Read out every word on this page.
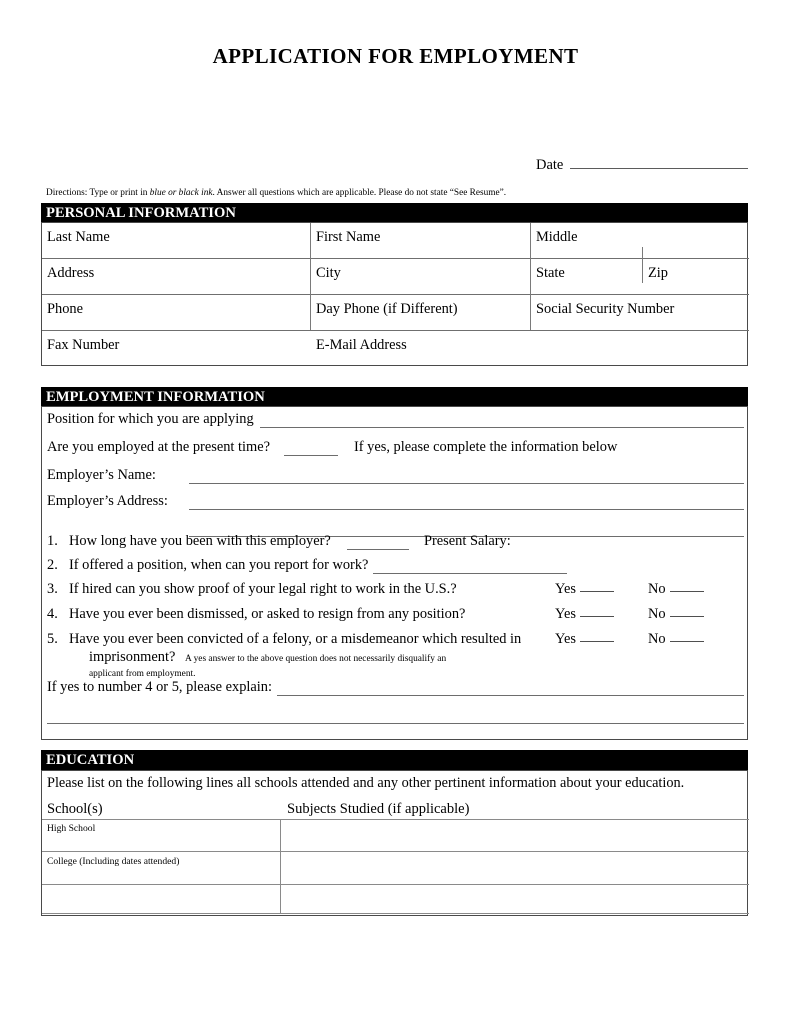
APPLICATION FOR EMPLOYMENT
Date
Directions: Type or print in blue or black ink. Answer all questions which are applicable. Please do not state “See Resume”.
PERSONAL INFORMATION
Last Name	First Name	Middle
Address	City	State	Zip
Phone	Day Phone (if Different)	Social Security Number
Fax Number	E-Mail Address
EMPLOYMENT INFORMATION
Position for which you are applying
Are you employed at the present time?	If yes, please complete the information below
Employer’s Name:
Employer’s Address:
1. How long have you been with this employer?	Present Salary:
2. If offered a position, when can you report for work?
3. If hired can you show proof of your legal right to work in the U.S.?	Yes	No
4. Have you ever been dismissed, or asked to resign from any position?	Yes	No
5. Have you ever been convicted of a felony, or a misdemeanor which resulted in Yes	No
imprisonment? A yes answer to the above question does not necessarily disqualify an
applicant from employment.
If yes to number 4 or 5, please explain:
EDUCATION
Please list on the following lines all schools attended and any other pertinent information about your education.
School(s)	Subjects Studied (if applicable)
High School
College (Including dates attended)
